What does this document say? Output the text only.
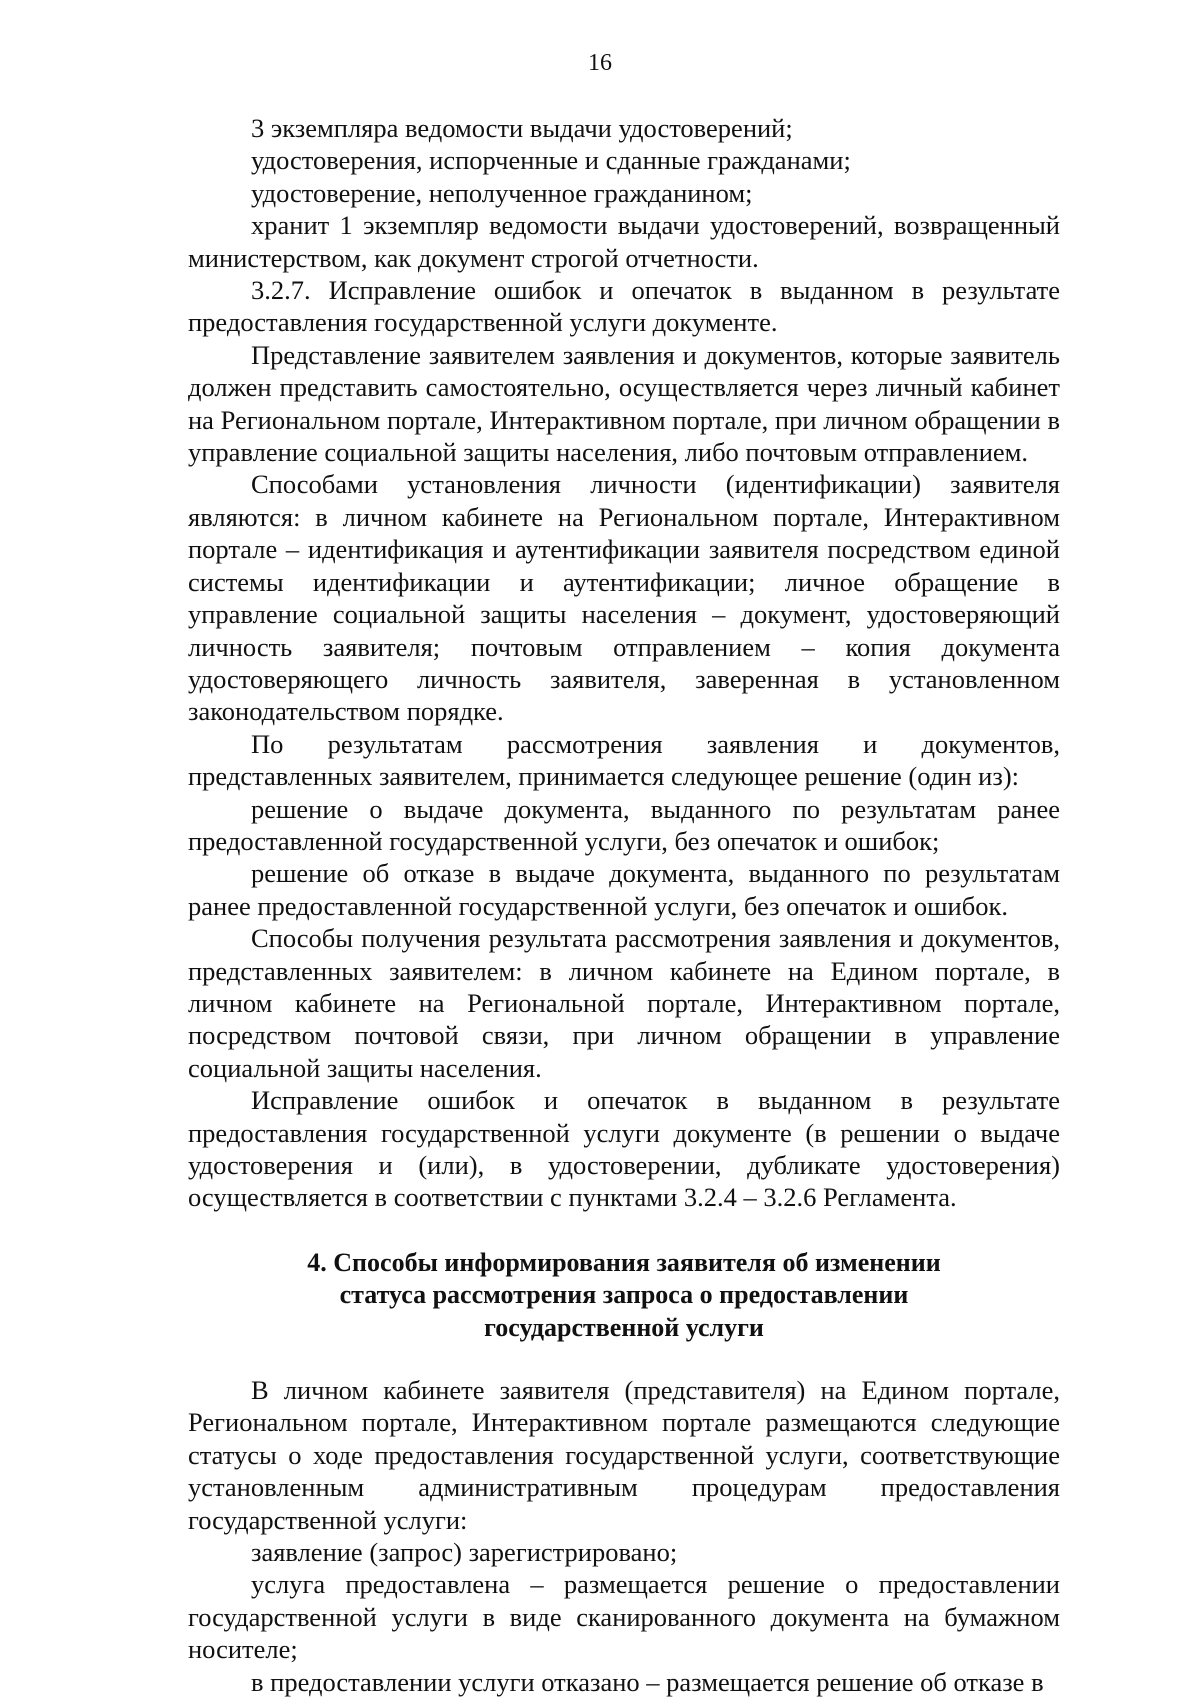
16

3 экземпляра ведомости выдачи удостоверений;

удостоверения, испорченные и сданные гражданами;

удостоверение, неполученное гражданином;

хранит 1 экземпляр ведомости выдачи удостоверений, возвращенный министерством, как документ строгой отчетности.

3.2.7. Исправление ошибок и опечаток в выданном в результате предоставления государственной услуги документе.

Представление заявителем заявления и документов, которые заявитель должен представить самостоятельно, осуществляется через личный кабинет на Региональном портале, Интерактивном портале, при личном обращении в управление социальной защиты населения, либо почтовым отправлением.

Способами установления личности (идентификации) заявителя являются: в личном кабинете на Региональном портале, Интерактивном портале – идентификация и аутентификации заявителя посредством единой системы идентификации и аутентификации; личное обращение в управление социальной защиты населения – документ, удостоверяющий личность заявителя; почтовым отправлением – копия документа удостоверяющего личность заявителя, заверенная в установленном законодательством порядке.

По результатам рассмотрения заявления и документов, представленных заявителем, принимается следующее решение (один из):

решение о выдаче документа, выданного по результатам ранее предоставленной государственной услуги, без опечаток и ошибок;

решение об отказе в выдаче документа, выданного по результатам ранее предоставленной государственной услуги, без опечаток и ошибок.

Способы получения результата рассмотрения заявления и документов, представленных заявителем: в личном кабинете на Едином портале, в личном кабинете на Региональной портале, Интерактивном портале, посредством почтовой связи, при личном обращении в управление социальной защиты населения.

Исправление ошибок и опечаток в выданном в результате предоставления государственной услуги документе (в решении о выдаче удостоверения и (или), в удостоверении, дубликате удостоверения) осуществляется в соответствии с пунктами 3.2.4 – 3.2.6 Регламента.

4. Способы информирования заявителя об изменении
статуса рассмотрения запроса о предоставлении
государственной услуги

В личном кабинете заявителя (представителя) на Едином портале, Региональном портале, Интерактивном портале размещаются следующие статусы о ходе предоставления государственной услуги, соответствующие установленным административным процедурам предоставления государственной услуги:

заявление (запрос) зарегистрировано;

услуга предоставлена – размещается решение о предоставлении государственной услуги в виде сканированного документа на бумажном носителе;

в предоставлении услуги отказано – размещается решение об отказе в
